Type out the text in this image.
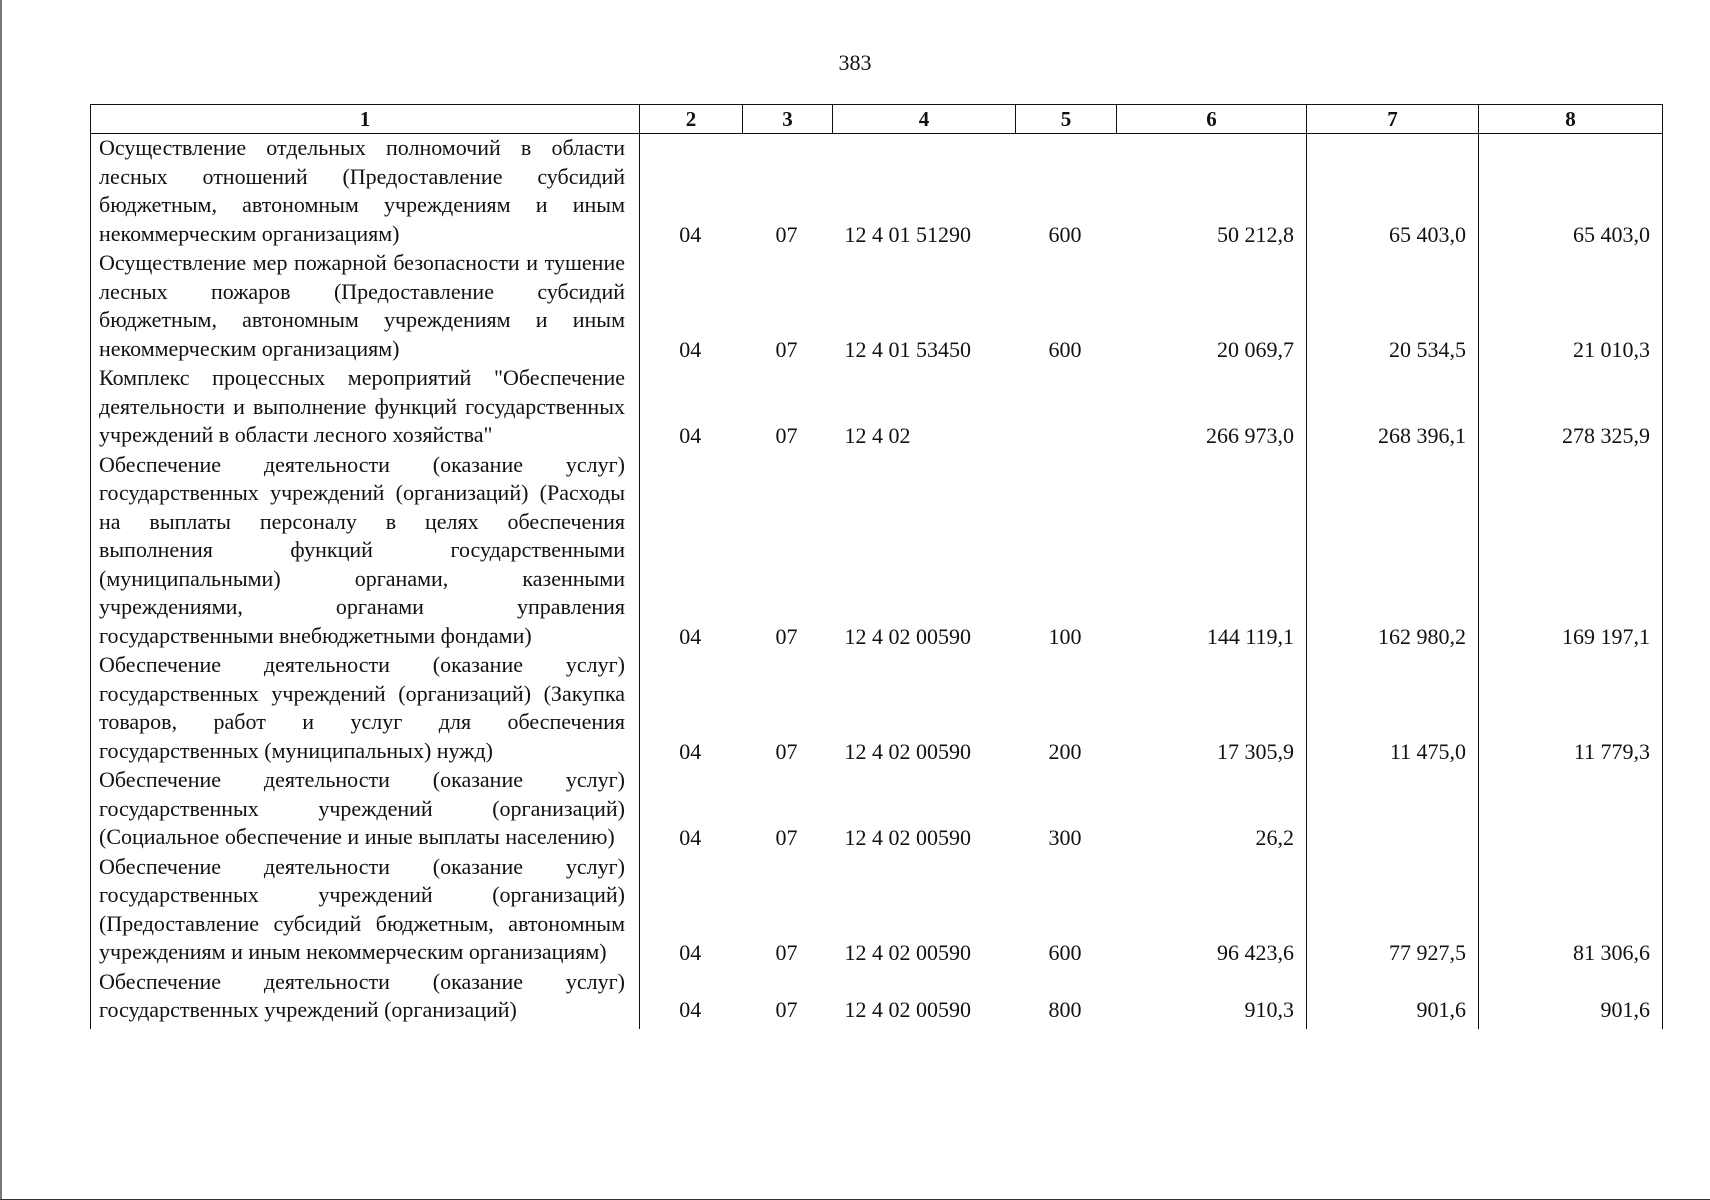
383
1	2	3	4	5	6	7	8
Осуществление отдельных полномочий в области лесных отношений (Предоставление субсидий бюджетным, автономным учреждениям и иным некоммерческим организациям)	04	07	12 4 01 51290	600	50 212,8	65 403,0	65 403,0
Осуществление мер пожарной безопасности и тушение лесных пожаров (Предоставление субсидий бюджетным, автономным учреждениям и иным некоммерческим организациям)	04	07	12 4 01 53450	600	20 069,7	20 534,5	21 010,3
Комплекс процессных мероприятий "Обеспечение деятельности и выполнение функций государственных учреждений в области лесного хозяйства"	04	07	12 4 02		266 973,0	268 396,1	278 325,9
Обеспечение деятельности (оказание услуг) государственных учреждений (организаций) (Расходы на выплаты персоналу в целях обеспечения выполнения функций государственными (муниципальными) органами, казенными учреждениями, органами управления государственными внебюджетными фондами)	04	07	12 4 02 00590	100	144 119,1	162 980,2	169 197,1
Обеспечение деятельности (оказание услуг) государственных учреждений (организаций) (Закупка товаров, работ и услуг для обеспечения государственных (муниципальных) нужд)	04	07	12 4 02 00590	200	17 305,9	11 475,0	11 779,3
Обеспечение деятельности (оказание услуг) государственных учреждений (организаций) (Социальное обеспечение и иные выплаты населению)	04	07	12 4 02 00590	300	26,2		
Обеспечение деятельности (оказание услуг) государственных учреждений (организаций) (Предоставление субсидий бюджетным, автономным учреждениям и иным некоммерческим организациям)	04	07	12 4 02 00590	600	96 423,6	77 927,5	81 306,6
Обеспечение деятельности (оказание услуг) государственных учреждений (организаций)	04	07	12 4 02 00590	800	910,3	901,6	901,6
